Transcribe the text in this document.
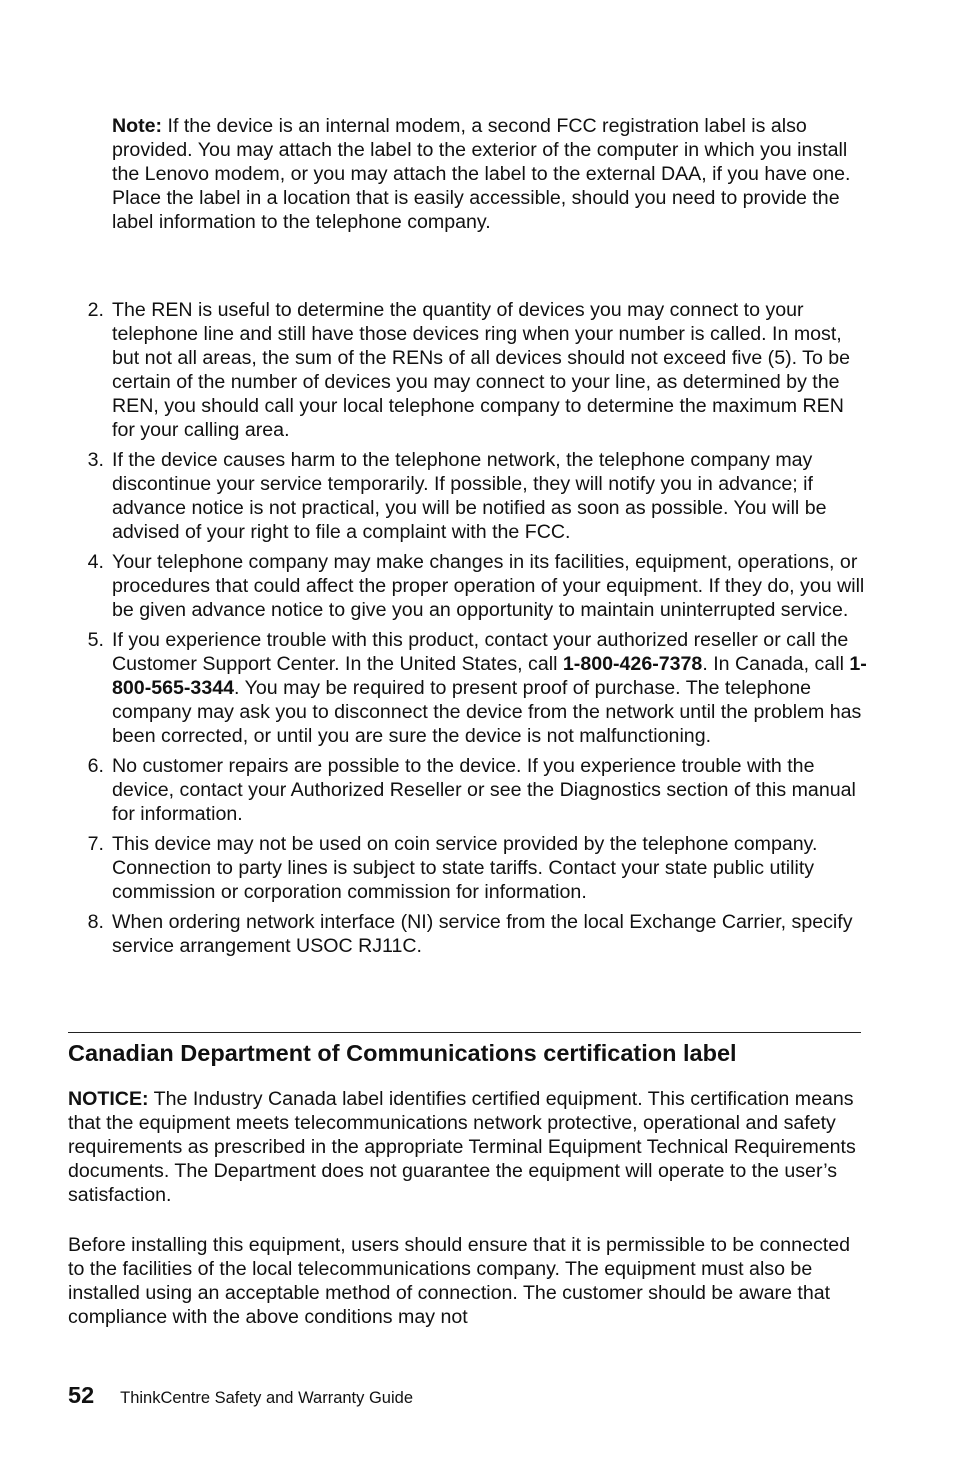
Note: If the device is an internal modem, a second FCC registration label is also provided. You may attach the label to the exterior of the computer in which you install the Lenovo modem, or you may attach the label to the external DAA, if you have one. Place the label in a location that is easily accessible, should you need to provide the label information to the telephone company.
2. The REN is useful to determine the quantity of devices you may connect to your telephone line and still have those devices ring when your number is called. In most, but not all areas, the sum of the RENs of all devices should not exceed five (5). To be certain of the number of devices you may connect to your line, as determined by the REN, you should call your local telephone company to determine the maximum REN for your calling area.
3. If the device causes harm to the telephone network, the telephone company may discontinue your service temporarily. If possible, they will notify you in advance; if advance notice is not practical, you will be notified as soon as possible. You will be advised of your right to file a complaint with the FCC.
4. Your telephone company may make changes in its facilities, equipment, operations, or procedures that could affect the proper operation of your equipment. If they do, you will be given advance notice to give you an opportunity to maintain uninterrupted service.
5. If you experience trouble with this product, contact your authorized reseller or call the Customer Support Center. In the United States, call 1-800-426-7378. In Canada, call 1-800-565-3344. You may be required to present proof of purchase. The telephone company may ask you to disconnect the device from the network until the problem has been corrected, or until you are sure the device is not malfunctioning.
6. No customer repairs are possible to the device. If you experience trouble with the device, contact your Authorized Reseller or see the Diagnostics section of this manual for information.
7. This device may not be used on coin service provided by the telephone company. Connection to party lines is subject to state tariffs. Contact your state public utility commission or corporation commission for information.
8. When ordering network interface (NI) service from the local Exchange Carrier, specify service arrangement USOC RJ11C.
Canadian Department of Communications certification label

NOTICE: The Industry Canada label identifies certified equipment. This certification means that the equipment meets telecommunications network protective, operational and safety requirements as prescribed in the appropriate Terminal Equipment Technical Requirements documents. The Department does not guarantee the equipment will operate to the user’s satisfaction.

Before installing this equipment, users should ensure that it is permissible to be connected to the facilities of the local telecommunications company. The equipment must also be installed using an acceptable method of connection. The customer should be aware that compliance with the above conditions may not

52 ThinkCentre Safety and Warranty Guide
